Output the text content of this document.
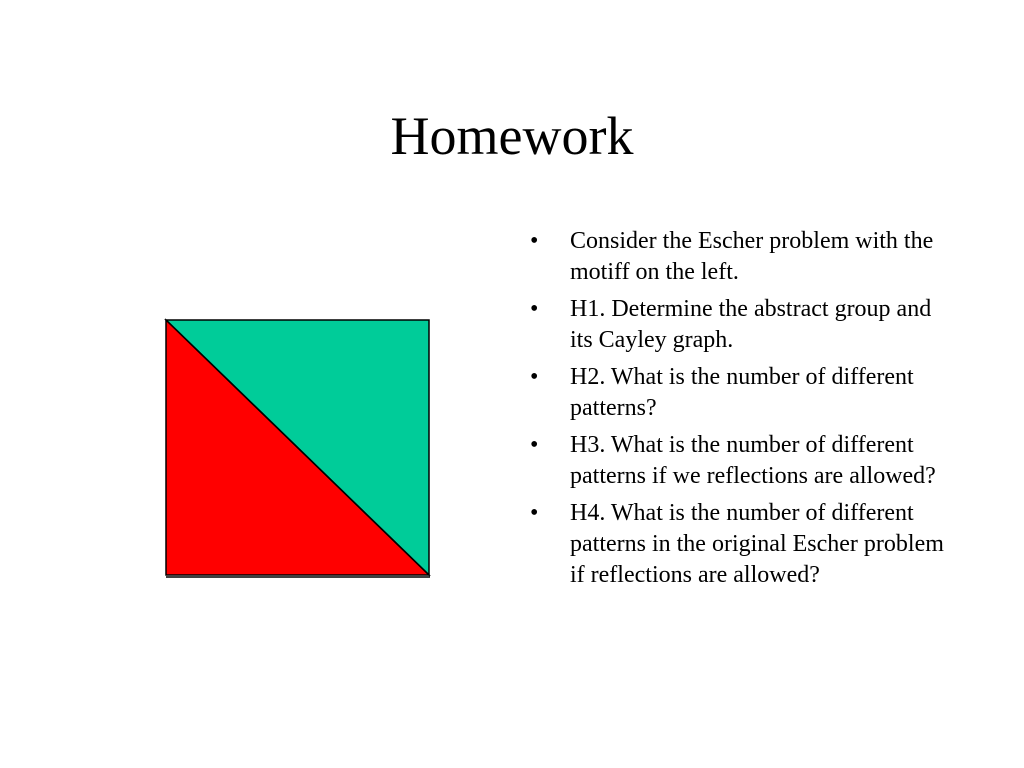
Homework
• Consider the Escher problem with the motiff on the left.
• H1. Determine the abstract group and its Cayley graph.
• H2. What is the number of different patterns?
• H3. What is the number of different patterns if we reflections are allowed?
• H4. What is the number of different patterns in the original Escher problem if reflections are allowed?
